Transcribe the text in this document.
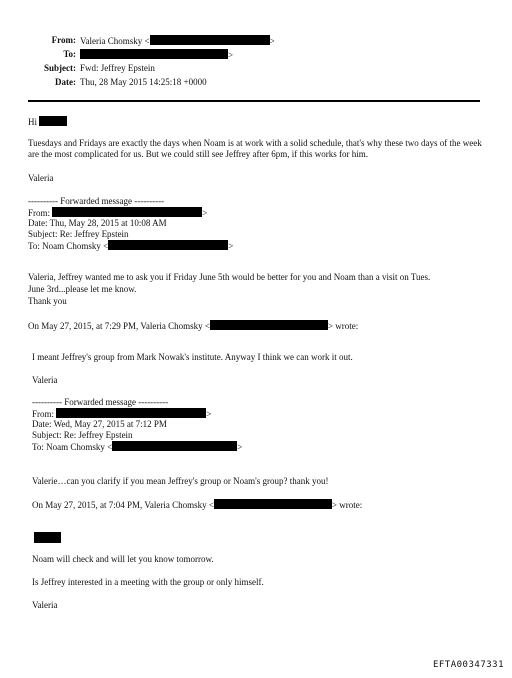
From: Valeria Chomsky <	>
To:	>
Subject: Fwd: Jeffrey Epstein
Date: Thu, 28 May 2015 14:25:18 +0000
Hi
Tuesdays and Fridays are exactly the days when Noam is at work with a solid schedule, that's why these two days of the week are the most complicated for us. But we could still see Jeffrey after 6pm, if this works for him.
Valeria
---------- Forwarded message ----------
From:	>
Date: Thu, May 28, 2015 at 10:08 AM
Subject: Re: Jeffrey Epstein
To: Noam Chomsky <	>
Valeria, Jeffrey wanted me to ask you if Friday June 5th would be better for you and Noam than a visit on Tues.
June 3rd...please let me know.
Thank you
On May 27, 2015, at 7:29 PM, Valeria Chomsky <	> wrote:
I meant Jeffrey's group from Mark Nowak's institute. Anyway I think we can work it out.
Valeria
---------- Forwarded message ----------
From:	>
Date: Wed, May 27, 2015 at 7:12 PM
Subject: Re: Jeffrey Epstein
To: Noam Chomsky <	>
Valerie…can you clarify if you mean Jeffrey's group or Noam's group? thank you!
On May 27, 2015, at 7:04 PM, Valeria Chomsky <	> wrote:
Noam will check and will let you know tomorrow.
Is Jeffrey interested in a meeting with the group or only himself.
Valeria
EFTA00347331
